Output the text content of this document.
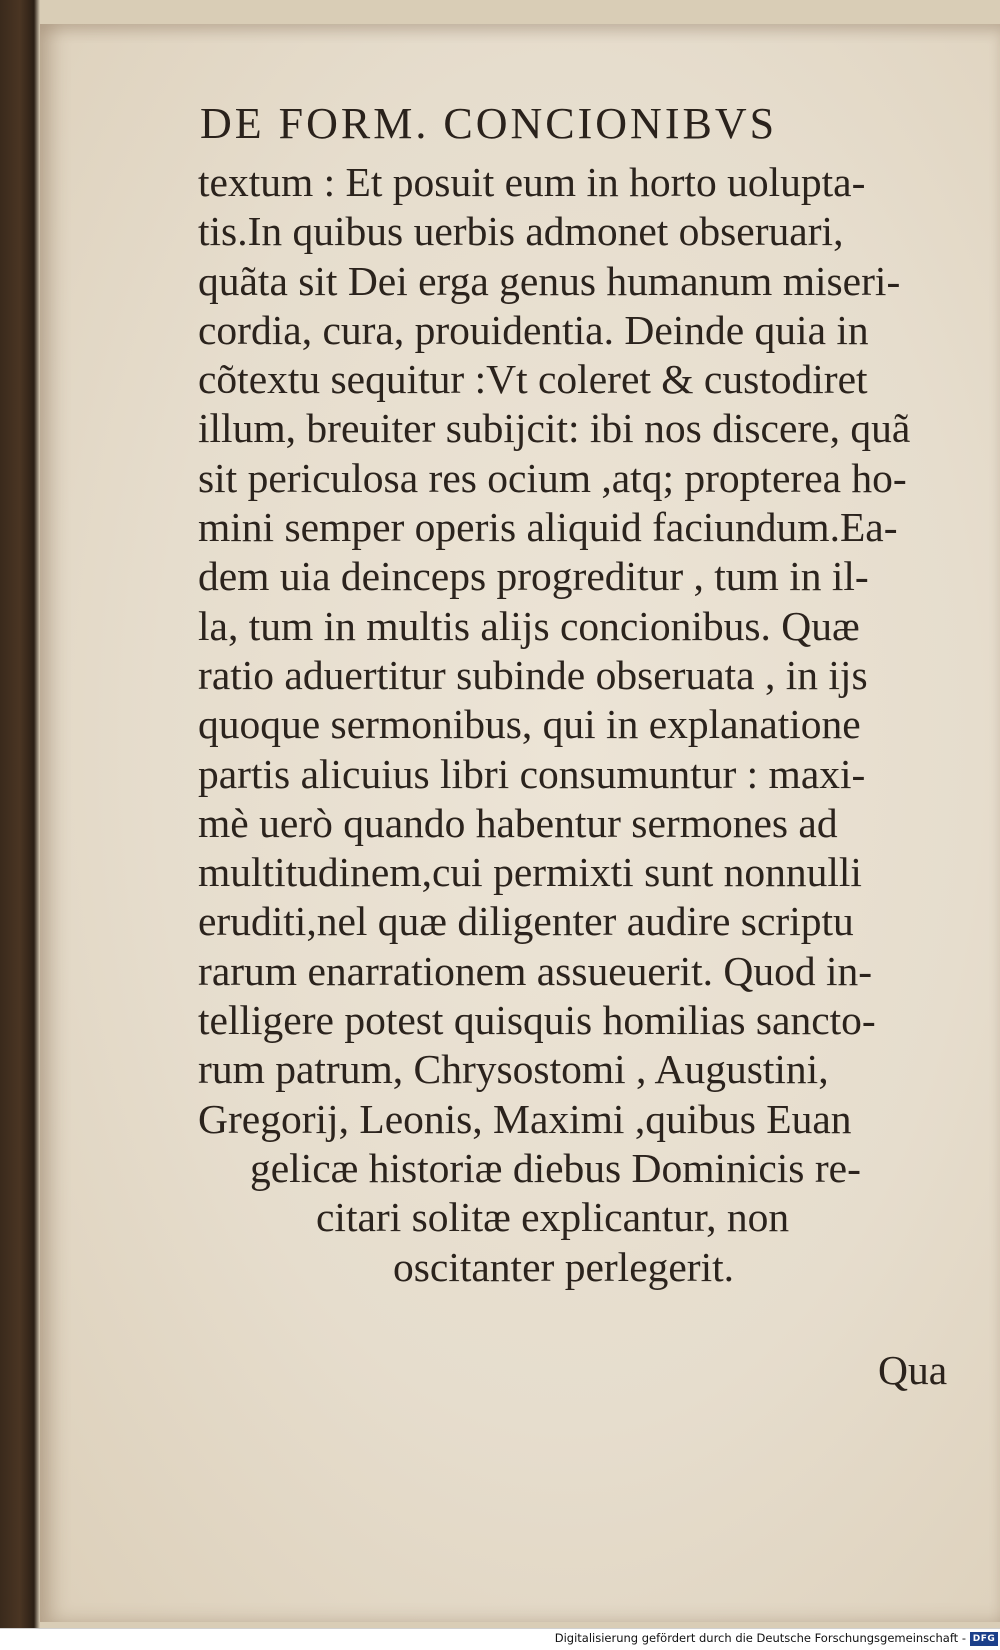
DE FORM. CONCIONIBVS
textum : Et posuit eum in horto uolupta-
tis.In quibus uerbis admonet obseruari,
quãta sit Dei erga genus humanum miseri-
cordia, cura, prouidentia. Deinde quia in
cõtextu sequitur :Vt coleret & custodiret
illum, breuiter subijcit: ibi nos discere, quã
sit periculosa res ocium ,atq; propterea ho-
mini semper operis aliquid faciundum.Ea-
dem uia deinceps progreditur , tum in il-
la, tum in multis alijs concionibus. Quæ
ratio aduertitur subinde obseruata , in ijs
quoque sermonibus, qui in explanatione
partis alicuius libri consumuntur : maxi-
mè uerò quando habentur sermones ad
multitudinem,cui permixti sunt nonnulli
eruditi,nel quæ diligenter audire scriptu
rarum enarrationem assueuerit. Quod in-
telligere potest quisquis homilias sancto-
rum patrum, Chrysostomi , Augustini,
Gregorij, Leonis, Maximi ,quibus Euan
gelicæ historiæ diebus Dominicis re-
citari solitæ explicantur, non
oscitanter perlegerit.
Qua
Digitalisierung gefördert durch die Deutsche Forschungsgemeinschaft - DFG
